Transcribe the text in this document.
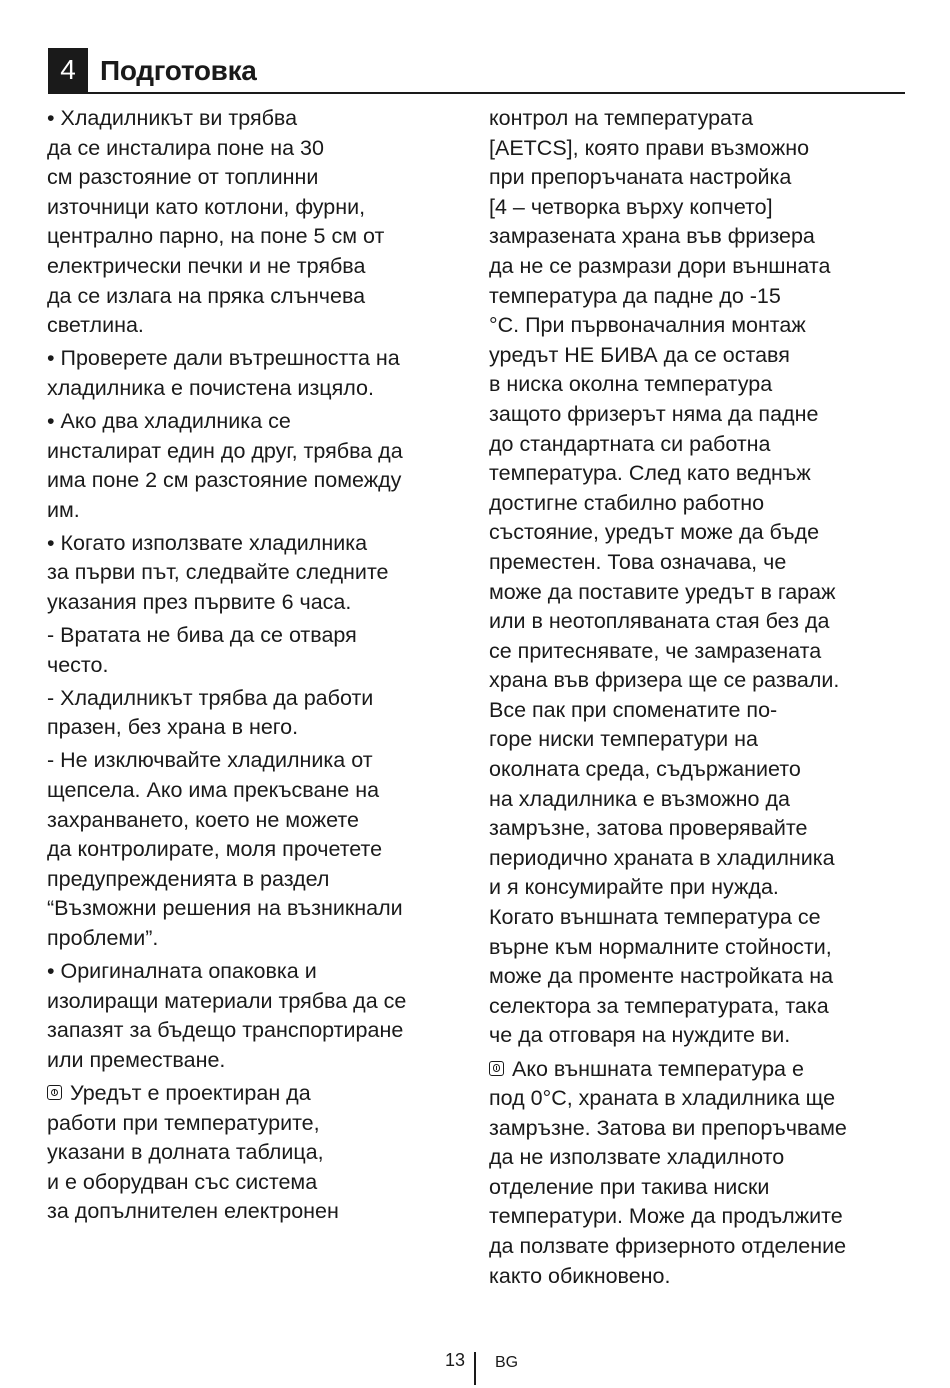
4 Подготовка

• Хладилникът ви трябва
да се инсталира поне на 30
см разстояние от топлинни
източници като котлони, фурни,
централно парно, на поне 5 см от
електрически печки и не трябва
да се излага на пряка слънчева
светлина.

• Проверете дали вътрешността на
хладилника е почистена изцяло.

• Ако два хладилника се
инсталират един до друг, трябва да
има поне 2 см разстояние помежду
им.

• Когато използвате хладилника
за първи път, следвайте следните
указания през първите 6 часа.

- Вратата не бива да се отваря
често.

- Хладилникът трябва да работи
празен, без храна в него.

- Не изключвайте хладилника от
щепсела. Ако има прекъсване на
захранването, което не можете
да контролирате, моля прочетете
предупрежденията в раздел
“Възможни решения на възникнали
проблеми”.

• Оригиналната опаковка и
изолиращи материали трябва да се
запазят за бъдещо транспортиране
или преместване.

Уредът е проектиран да
работи при температурите,
указани в долната таблица,
и е оборудван със система
за допълнителен електронен

контрол на температурата
[AETCS], която прави възможно
при препоръчаната настройка
[4 – четворка върху копчето]
замразената храна във фризера
да не се размрази дори външната
температура да падне до -15
°C. При първоначалния монтаж
уредът НЕ БИВА да се оставя
в ниска околна температура
защото фризерът няма да падне
до стандартната си работна
температура. След като веднъж
достигне стабилно работно
състояние, уредът може да бъде
преместен. Това означава, че
може да поставите уредът в гараж
или в неотопляваната стая без да
се притеснявате, че замразената
храна във фризера ще се развали.
Все пак при споменатите по-
горе ниски температури на
околната среда, съдържанието
на хладилника е възможно да
замръзне, затова проверявайте
периодично храната в хладилника
и я консумирайте при нужда.
Когато външната температура се
върне към нормалните стойности,
може да променте настройката на
селектора за температурата, така
че да отговаря на нуждите ви.

Ако външната температура е
под 0°C, храната в хладилника ще
замръзне. Затова ви препоръчваме
да не използвате хладилното
отделение при такива ниски
температури. Може да продължите
да ползвате фризерното отделение
както обикновено.

13 BG
